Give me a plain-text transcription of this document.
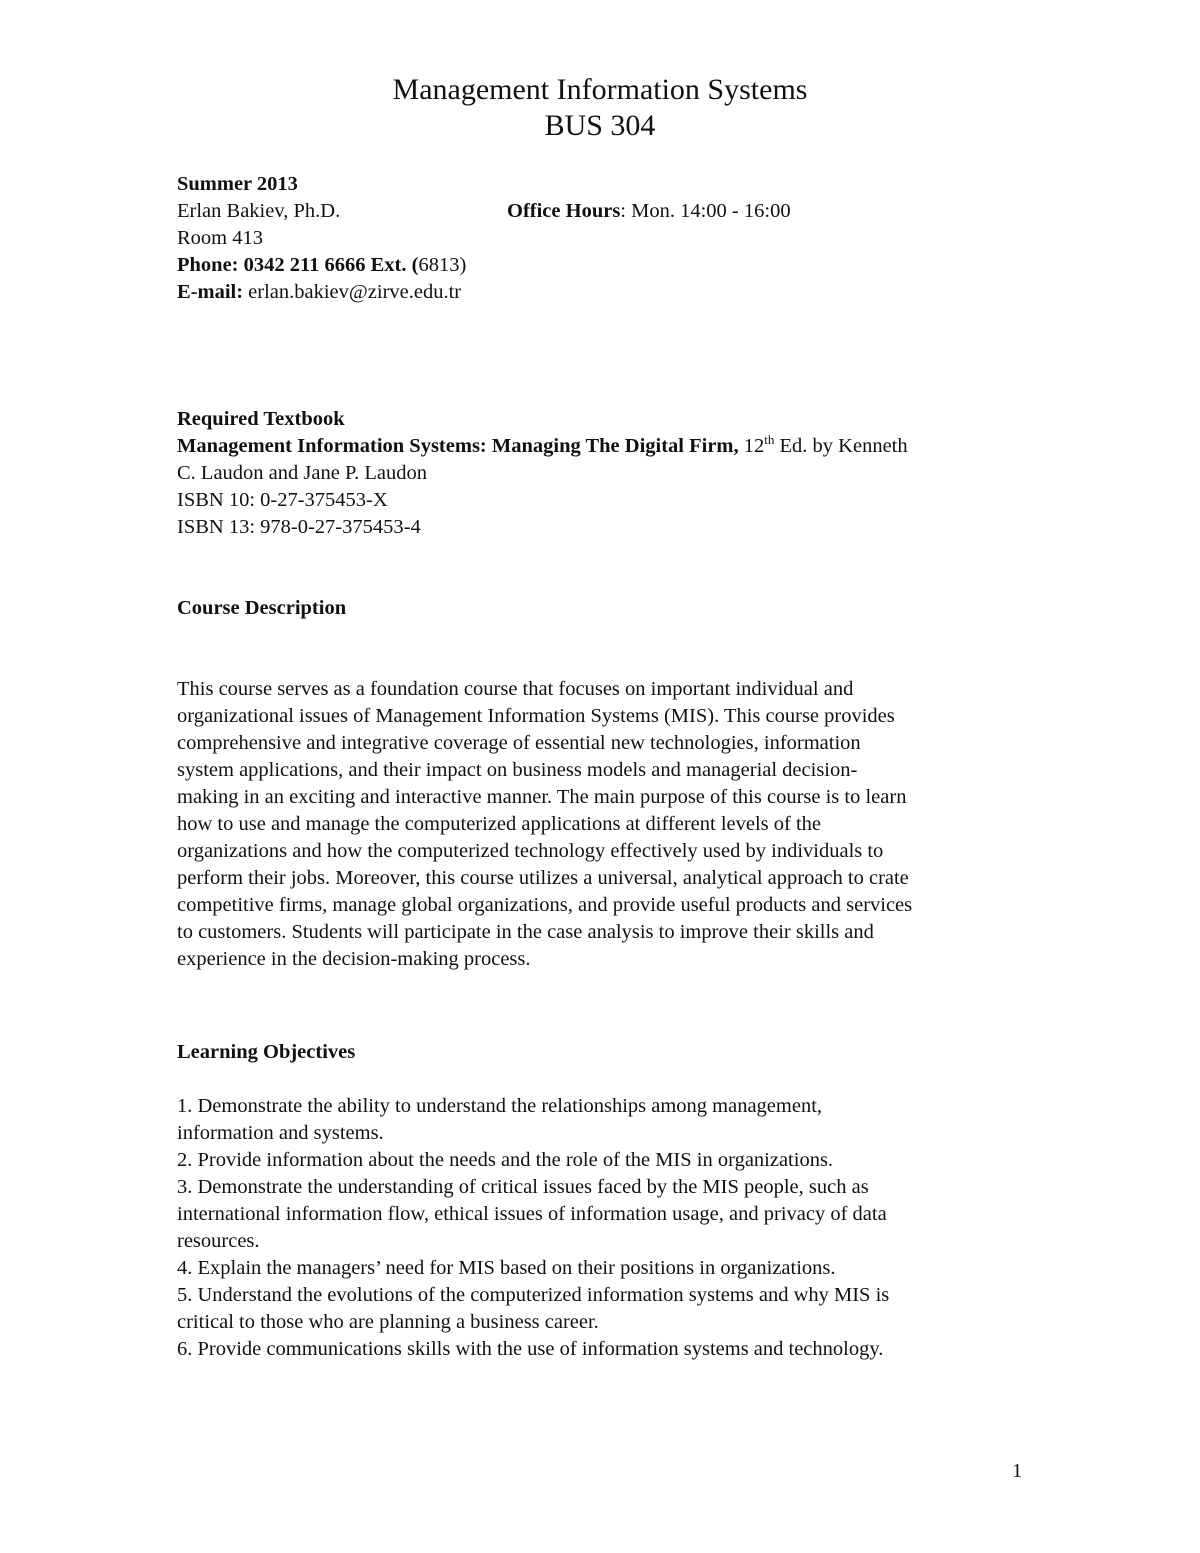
Management Information Systems
BUS 304
Summer 2013
Erlan Bakiev, Ph.D.	Office Hours: Mon. 14:00 - 16:00
Room 413
Phone: 0342 211 6666 Ext. (6813)
E-mail: erlan.bakiev@zirve.edu.tr
Required Textbook
Management Information Systems: Managing The Digital Firm, 12th Ed. by Kenneth
C. Laudon and Jane P. Laudon
ISBN 10: 0-27-375453-X
ISBN 13: 978-0-27-375453-4
Course Description
This course serves as a foundation course that focuses on important individual and
organizational issues of Management Information Systems (MIS). This course provides
comprehensive and integrative coverage of essential new technologies, information
system applications, and their impact on business models and managerial decision-
making in an exciting and interactive manner. The main purpose of this course is to learn
how to use and manage the computerized applications at different levels of the
organizations and how the computerized technology effectively used by individuals to
perform their jobs. Moreover, this course utilizes a universal, analytical approach to crate
competitive firms, manage global organizations, and provide useful products and services
to customers. Students will participate in the case analysis to improve their skills and
experience in the decision-making process.
Learning Objectives
1. Demonstrate the ability to understand the relationships among management,
information and systems.
2. Provide information about the needs and the role of the MIS in organizations.
3. Demonstrate the understanding of critical issues faced by the MIS people, such as
international information flow, ethical issues of information usage, and privacy of data
resources.
4. Explain the managers’ need for MIS based on their positions in organizations.
5. Understand the evolutions of the computerized information systems and why MIS is
critical to those who are planning a business career.
6. Provide communications skills with the use of information systems and technology.
1
